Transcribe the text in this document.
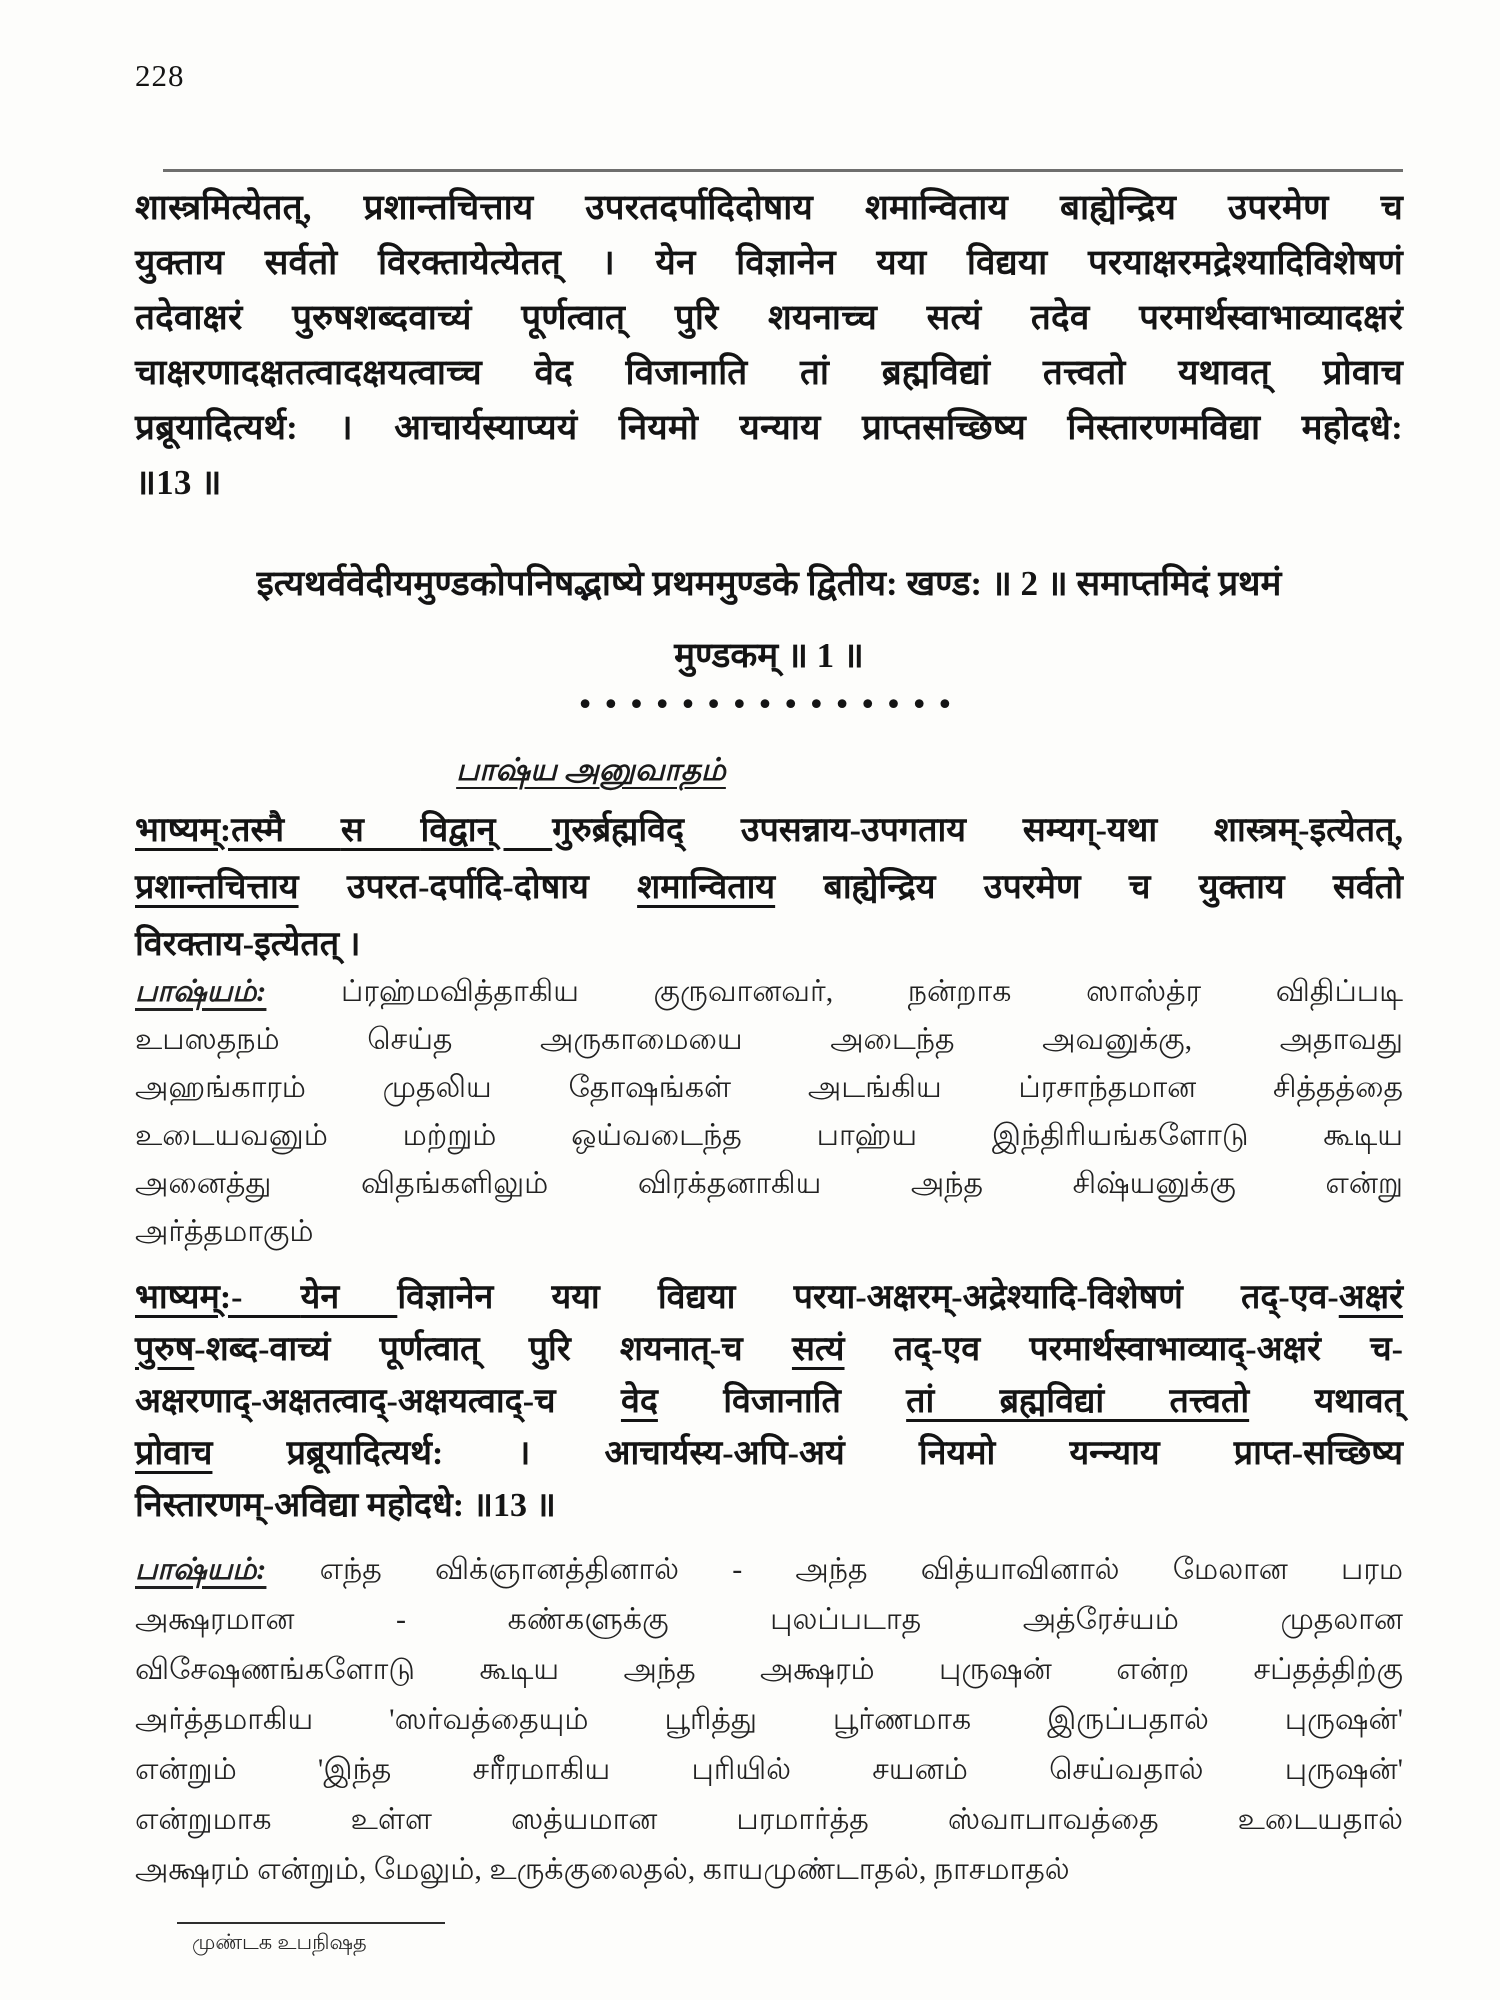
228
शास्त्रमित्येतत्, प्रशान्तचित्ताय उपरतदर्पादिदोषाय शमान्विताय बाह्येन्द्रिय उपरमेण च
युक्ताय सर्वतो विरक्तायेत्येतत् । येन विज्ञानेन यया विद्यया परयाक्षरमद्रेश्यादिविशेषणं
तदेवाक्षरं पुरुषशब्दवाच्यं पूर्णत्वात् पुरि शयनाच्च सत्यं तदेव परमार्थस्वाभाव्यादक्षरं
चाक्षरणादक्षतत्वादक्षयत्वाच्च वेद विजानाति तां ब्रह्मविद्यां तत्त्वतो यथावत् प्रोवाच
प्रब्रूयादित्यर्थ: । आचार्यस्याप्ययं नियमो यन्याय प्राप्तसच्छिष्य निस्तारणमविद्या महोदधे:
॥13 ॥
इत्यथर्ववेदीयमुण्डकोपनिषद्भाष्ये प्रथममुण्डके द्वितीय: खण्ड: ॥ 2 ॥ समाप्तमिदं प्रथमं
मुण्डकम् ॥ 1 ॥
•••••••••••••••
பாஷ்ய அனுவாதம்
भाष्यम्:तस्मै स विद्वान् गुरुर्ब्रह्मविद् उपसन्नाय-उपगताय सम्यग्-यथा शास्त्रम्-इत्येतत्,
प्रशान्तचित्ताय उपरत-दर्पादि-दोषाय शमान्विताय बाह्येन्द्रिय उपरमेण च युक्ताय सर्वतो
विरक्ताय-इत्येतत् ।
பாஷ்யம்: ப்ரஹ்மவித்தாகிய குருவானவர், நன்றாக ஸாஸ்த்ர விதிப்படி
உபஸதநம் செய்த அருகாமையை அடைந்த அவனுக்கு, அதாவது
அஹங்காரம் முதலிய தோஷங்கள் அடங்கிய ப்ரசாந்தமான சித்தத்தை
உடையவனும் மற்றும் ஒய்வடைந்த பாஹ்ய இந்திரியங்களோடு கூடிய
அனைத்து விதங்களிலும் விரக்தனாகிய அந்த சிஷ்யனுக்கு என்று
அர்த்தமாகும்
भाष्यम्:- येन विज्ञानेन यया विद्यया परया-अक्षरम्-अद्रेश्यादि-विशेषणं तद्-एव-अक्षरं
पुरुष-शब्द-वाच्यं पूर्णत्वात् पुरि शयनात्-च सत्यं तद्-एव परमार्थस्वाभाव्याद्-अक्षरं च-
अक्षरणाद्-अक्षतत्वाद्-अक्षयत्वाद्-च वेद विजानाति तां ब्रह्मविद्यां तत्त्वतो यथावत्
प्रोवाच प्रब्रूयादित्यर्थ: । आचार्यस्य-अपि-अयं नियमो यन्न्याय प्राप्त-सच्छिष्य
निस्तारणम्-अविद्या महोदधे: ॥13 ॥
பாஷ்யம்: எந்த விக்ஞானத்தினால் - அந்த வித்யாவினால் மேலான பரம
அக்ஷரமான - கண்களுக்கு புலப்படாத அத்ரேச்யம் முதலான
விசேஷணங்களோடு கூடிய அந்த அக்ஷரம் புருஷன் என்ற சப்தத்திற்கு
அர்த்தமாகிய 'ஸர்வத்தையும் பூரித்து பூர்ணமாக இருப்பதால் புருஷன்'
என்றும் 'இந்த சரீரமாகிய புரியில் சயனம் செய்வதால் புருஷன்'
என்றுமாக உள்ள ஸத்யமான பரமார்த்த ஸ்வாபாவத்தை உடையதால்
அக்ஷரம் என்றும், மேலும், உருக்குலைதல், காயமுண்டாதல், நாசமாதல்
முண்டக உபநிஷத
